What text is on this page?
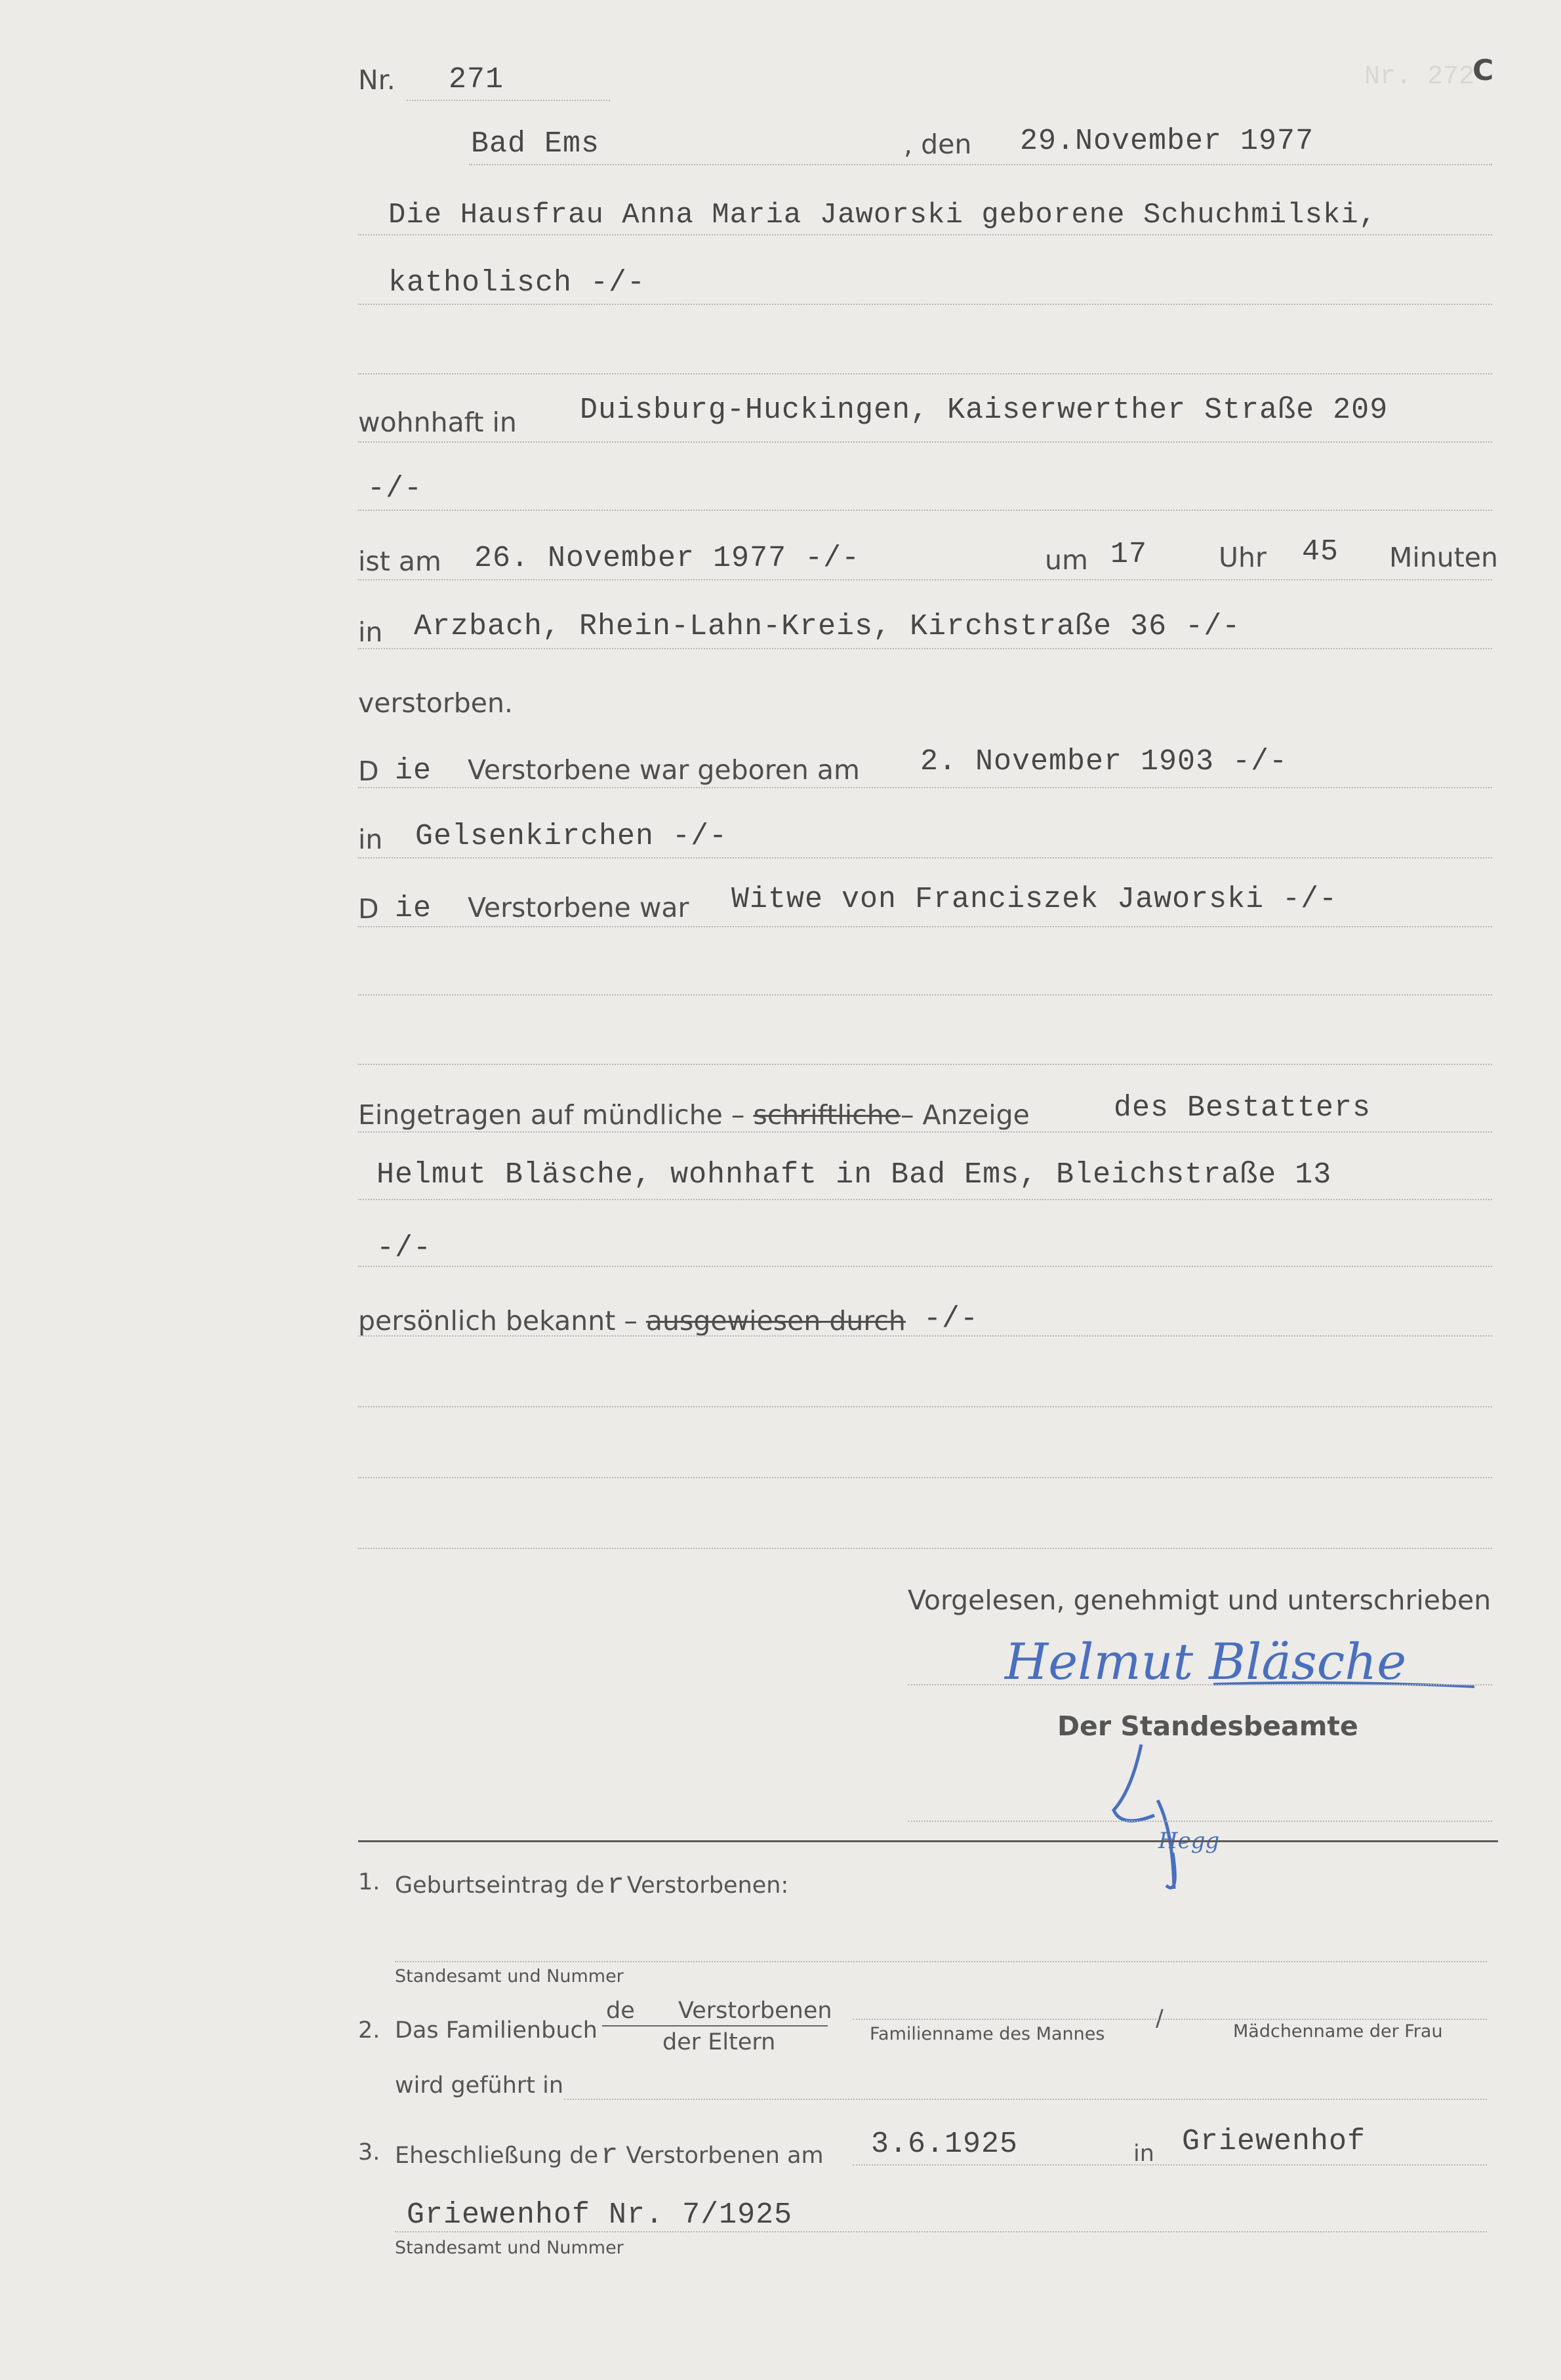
Nr. 272
C
Nr. 271
Bad Ems	, den 29.November 1977
Die Hausfrau Anna Maria Jaworski geborene Schuchmilski,
katholisch -/-
wohnhaft in Duisburg-Huckingen, Kaiserwerther Straße 209
-/-
ist am 26. November 1977 -/-	um 17	Uhr 45 Minuten
in Arzbach, Rhein-Lahn-Kreis, Kirchstraße 36 -/-
verstorben.
D ie Verstorbene war geboren am 2. November 1903 -/-
in Gelsenkirchen -/-
D ie Verstorbene war Witwe von Franciszek Jaworski -/-
Eingetragen auf mündliche – schriftliche– Anzeige	des Bestatters
Helmut Bläsche, wohnhaft in Bad Ems, Bleichstraße 13
-/-
persönlich bekannt – ausgewiesen durch -/-
Vorgelesen, genehmigt und unterschrieben
Helmut Bläsche
Der Standesbeamte
Hegg
1. Geburtseintrag der Verstorbenen:
Standesamt und Nummer
2. Das Familienbuch
de Verstorbenen
der Eltern	Familienname des Mannes
/	Mädchenname der Frau
wird geführt in
3. Eheschließung der Verstorbenen am 3.6.1925	in Griewenhof
Griewenhof Nr. 7/1925
Standesamt und Nummer
